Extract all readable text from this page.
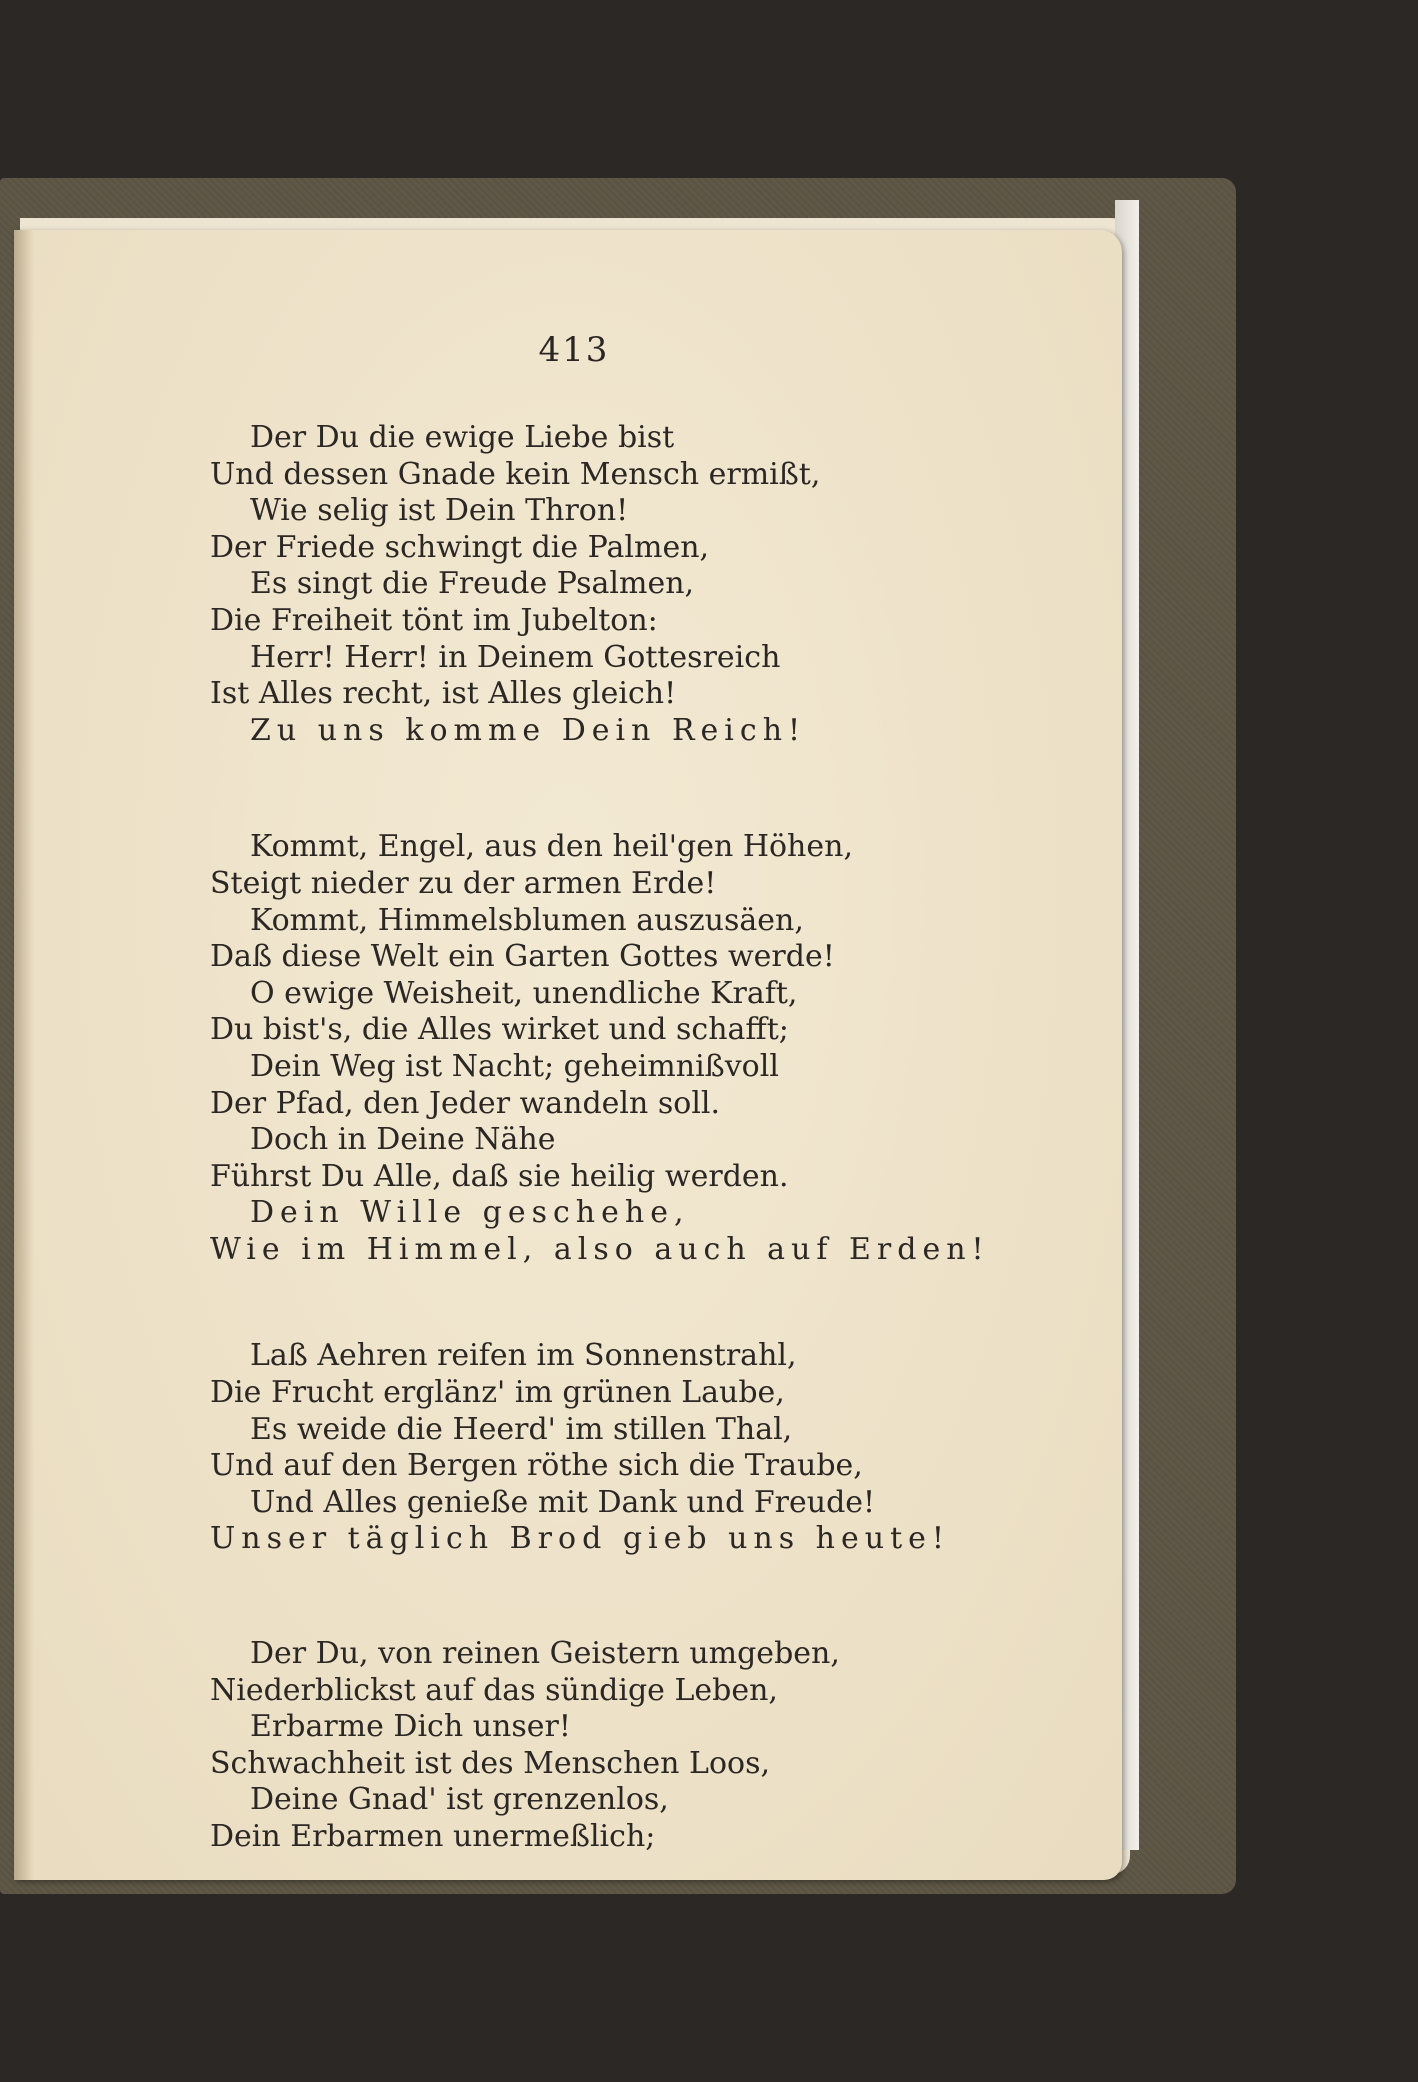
413
Der Du die ewige Liebe bist
Und dessen Gnade kein Mensch ermißt,
Wie selig ist Dein Thron!
Der Friede schwingt die Palmen,
Es singt die Freude Psalmen,
Die Freiheit tönt im Jubelton:
Herr! Herr! in Deinem Gottesreich
Ist Alles recht, ist Alles gleich!
Zu uns komme Dein Reich!
Kommt, Engel, aus den heil'gen Höhen,
Steigt nieder zu der armen Erde!
Kommt, Himmelsblumen auszusäen,
Daß diese Welt ein Garten Gottes werde!
O ewige Weisheit, unendliche Kraft,
Du bist's, die Alles wirket und schafft;
Dein Weg ist Nacht; geheimnißvoll
Der Pfad, den Jeder wandeln soll.
Doch in Deine Nähe
Führst Du Alle, daß sie heilig werden.
Dein Wille geschehe,
Wie im Himmel, also auch auf Erden!
Laß Aehren reifen im Sonnenstrahl,
Die Frucht erglänz' im grünen Laube,
Es weide die Heerd' im stillen Thal,
Und auf den Bergen röthe sich die Traube,
Und Alles genieße mit Dank und Freude!
Unser täglich Brod gieb uns heute!
Der Du, von reinen Geistern umgeben,
Niederblickst auf das sündige Leben,
Erbarme Dich unser!
Schwachheit ist des Menschen Loos,
Deine Gnad' ist grenzenlos,
Dein Erbarmen unermeßlich;
